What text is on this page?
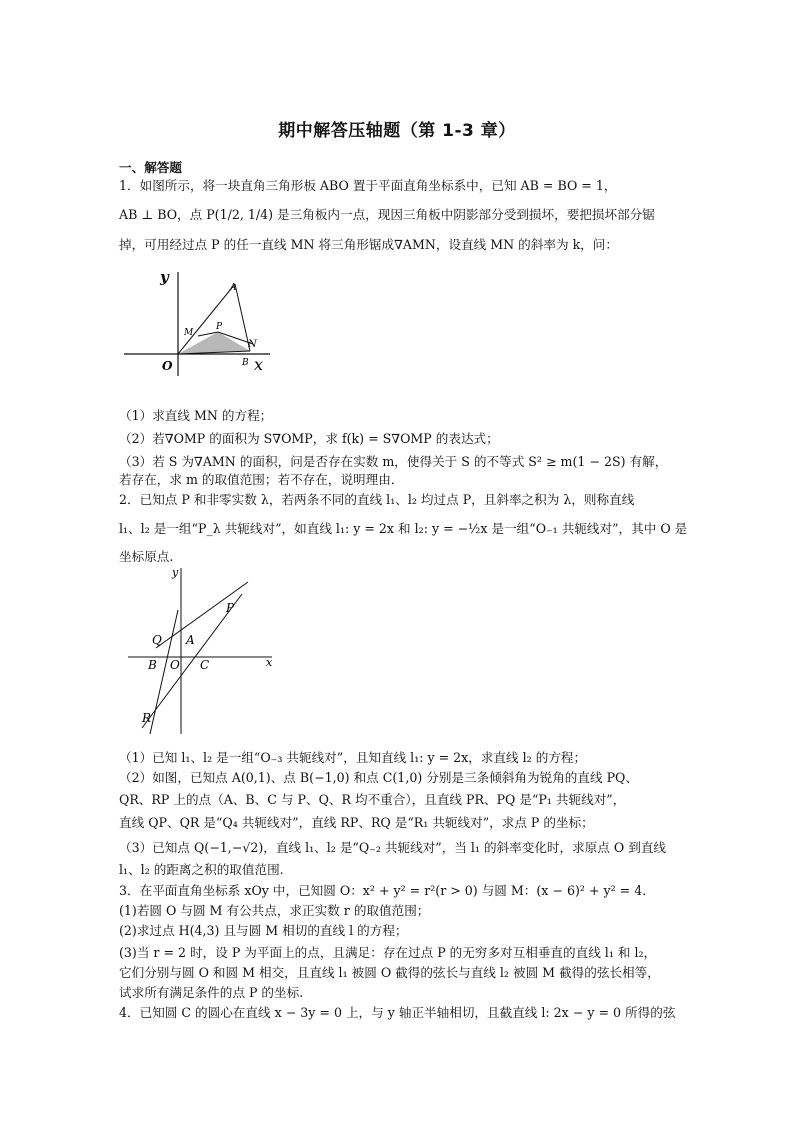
期中解答压轴题（第 1-3 章）
一、解答题
1．如图所示，将一块直角三角形板 ABO 置于平面直角坐标系中，已知 AB = BO = 1，
AB ⊥ BO，点 P(1/2, 1/4) 是三角板内一点，现因三角板中阴影部分受到损坏，要把损坏部分锯
掉，可用经过点 P 的任一直线 MN 将三角形锯成∇AMN，设直线 MN 的斜率为 k，问：
y
x
O
A
M
P
N
B
（1）求直线 MN 的方程；
（2）若∇OMP 的面积为 S∇OMP，求 f(k) = S∇OMP 的表达式；
（3）若 S 为∇AMN 的面积，问是否存在实数 m，使得关于 S 的不等式 S² ≥ m(1 − 2S) 有解，
若存在，求 m 的取值范围；若不存在，说明理由．
2．已知点 P 和非零实数 λ，若两条不同的直线 l₁、l₂ 均过点 P，且斜率之积为 λ，则称直线
l₁、l₂ 是一组“P_λ 共轭线对”，如直线 l₁: y = 2x 和 l₂: y = −½x 是一组“O₋₁ 共轭线对”，其中 O 是
坐标原点.
y
x
P
Q A
B O C
R
（1）已知 l₁、l₂ 是一组“O₋₃ 共轭线对”，且知直线 l₁: y = 2x，求直线 l₂ 的方程；
（2）如图，已知点 A(0,1)、点 B(−1,0) 和点 C(1,0) 分别是三条倾斜角为锐角的直线 PQ、
QR、RP 上的点（A、B、C 与 P、Q、R 均不重合），且直线 PR、PQ 是“P₁ 共轭线对”，
直线 QP、QR 是“Q₄ 共轭线对”，直线 RP、RQ 是“R₁ 共轭线对”，求点 P 的坐标；
（3）已知点 Q(−1,−√2)，直线 l₁、l₂ 是“Q₋₂ 共轭线对”，当 l₁ 的斜率变化时，求原点 O 到直线
l₁、l₂ 的距离之积的取值范围.
3．在平面直角坐标系 xOy 中，已知圆 O：x² + y² = r²(r > 0) 与圆 M：(x − 6)² + y² = 4．
(1)若圆 O 与圆 M 有公共点，求正实数 r 的取值范围；
(2)求过点 H(4,3) 且与圆 M 相切的直线 l 的方程；
(3)当 r = 2 时，设 P 为平面上的点，且满足：存在过点 P 的无穷多对互相垂直的直线 l₁ 和 l₂，
它们分别与圆 O 和圆 M 相交，且直线 l₁ 被圆 O 截得的弦长与直线 l₂ 被圆 M 截得的弦长相等，
试求所有满足条件的点 P 的坐标.
4．已知圆 C 的圆心在直线 x − 3y = 0 上，与 y 轴正半轴相切，且截直线 l: 2x − y = 0 所得的弦
